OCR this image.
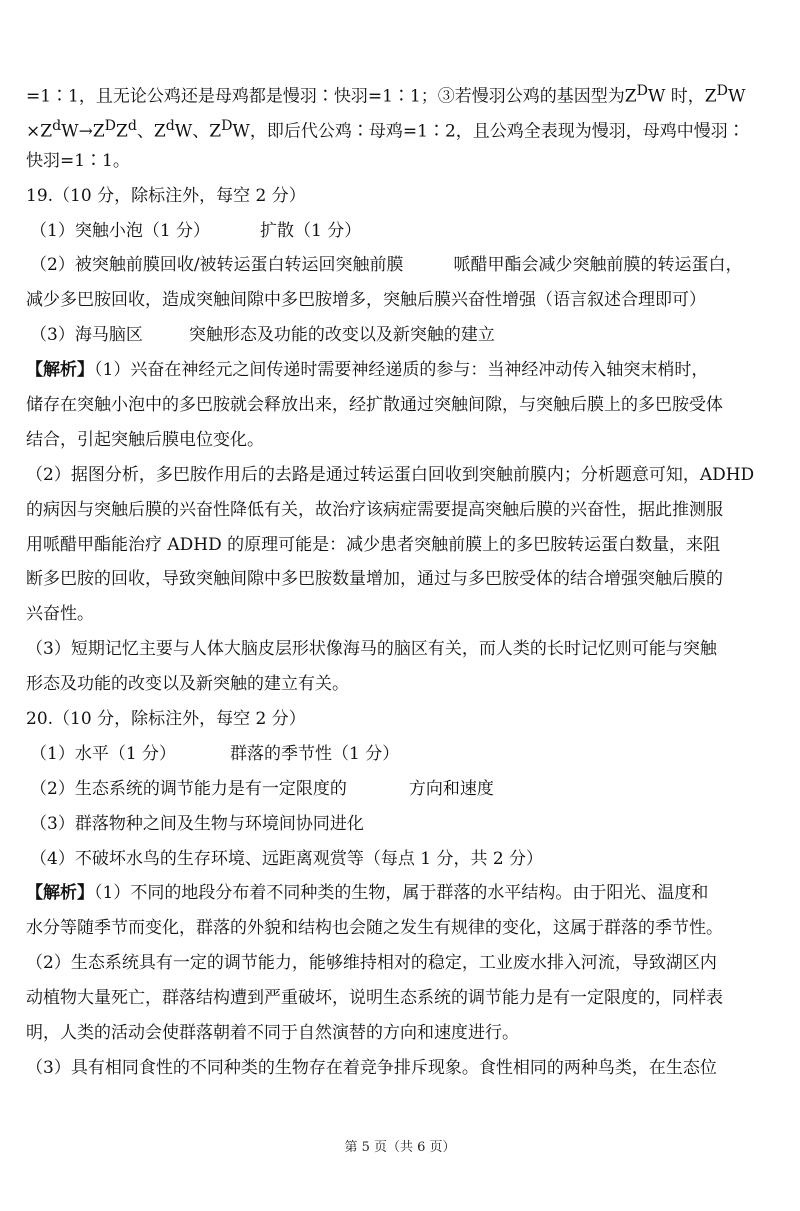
=1∶1，且无论公鸡还是母鸡都是慢羽∶快羽=1∶1；③若慢羽公鸡的基因型为$Z^DW$ 时，$Z^DW$
$\times Z^dW\to Z^DZ^d$、$Z^dW$、$Z^DW$，即后代公鸡∶母鸡=1∶2，且公鸡全表现为慢羽，母鸡中慢羽∶
快羽=1∶1。
19.（10 分，除标注外，每空 2 分）
（1）突触小泡（1 分）	扩散（1 分）
（2）被突触前膜回收/被转运蛋白转运回突触前膜	哌醋甲酯会减少突触前膜的转运蛋白，
减少多巴胺回收，造成突触间隙中多巴胺增多，突触后膜兴奋性增强（语言叙述合理即可）
（3）海马脑区	突触形态及功能的改变以及新突触的建立
【解析】（1）兴奋在神经元之间传递时需要神经递质的参与：当神经冲动传入轴突末梢时，
储存在突触小泡中的多巴胺就会释放出来，经扩散通过突触间隙，与突触后膜上的多巴胺受体
结合，引起突触后膜电位变化。
（2）据图分析，多巴胺作用后的去路是通过转运蛋白回收到突触前膜内；分析题意可知，ADHD
的病因与突触后膜的兴奋性降低有关，故治疗该病症需要提高突触后膜的兴奋性，据此推测服
用哌醋甲酯能治疗 ADHD 的原理可能是：减少患者突触前膜上的多巴胺转运蛋白数量，来阻
断多巴胺的回收，导致突触间隙中多巴胺数量增加，通过与多巴胺受体的结合增强突触后膜的
兴奋性。
（3）短期记忆主要与人体大脑皮层形状像海马的脑区有关，而人类的长时记忆则可能与突触
形态及功能的改变以及新突触的建立有关。
20.（10 分，除标注外，每空 2 分）
（1）水平（1 分）	群落的季节性（1 分）
（2）生态系统的调节能力是有一定限度的	方向和速度
（3）群落物种之间及生物与环境间协同进化
（4）不破坏水鸟的生存环境、远距离观赏等（每点 1 分，共 2 分）
【解析】（1）不同的地段分布着不同种类的生物，属于群落的水平结构。由于阳光、温度和
水分等随季节而变化，群落的外貌和结构也会随之发生有规律的变化，这属于群落的季节性。
（2）生态系统具有一定的调节能力，能够维持相对的稳定，工业废水排入河流，导致湖区内
动植物大量死亡，群落结构遭到严重破坏，说明生态系统的调节能力是有一定限度的，同样表
明，人类的活动会使群落朝着不同于自然演替的方向和速度进行。
（3）具有相同食性的不同种类的生物存在着竞争排斥现象。食性相同的两种鸟类，在生态位
第 5 页（共 6 页）
